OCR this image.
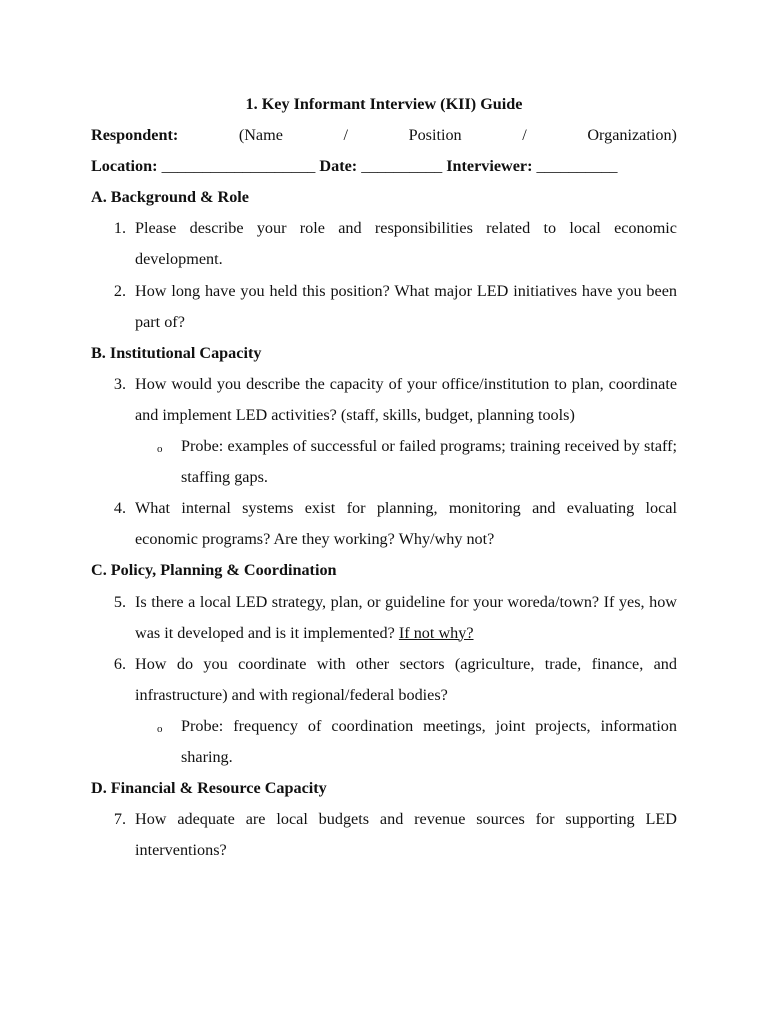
1. Key Informant Interview (KII) Guide
Respondent:	(Name	/	Position	/	Organization)
Location: ___________________ Date: __________ Interviewer: __________
A. Background & Role
1. Please describe your role and responsibilities related to local economic development.
2. How long have you held this position? What major LED initiatives have you been part of?
B. Institutional Capacity
3. How would you describe the capacity of your office/institution to plan, coordinate and implement LED activities? (staff, skills, budget, planning tools)
o	Probe: examples of successful or failed programs; training received by staff; staffing gaps.
4. What internal systems exist for planning, monitoring and evaluating local economic programs? Are they working? Why/why not?
C. Policy, Planning & Coordination
5. Is there a local LED strategy, plan, or guideline for your woreda/town? If yes, how was it developed and is it implemented? If not why?
6. How do you coordinate with other sectors (agriculture, trade, finance, and infrastructure) and with regional/federal bodies?
o	Probe: frequency of coordination meetings, joint projects, information sharing.
D. Financial & Resource Capacity
7. How adequate are local budgets and revenue sources for supporting LED interventions?
